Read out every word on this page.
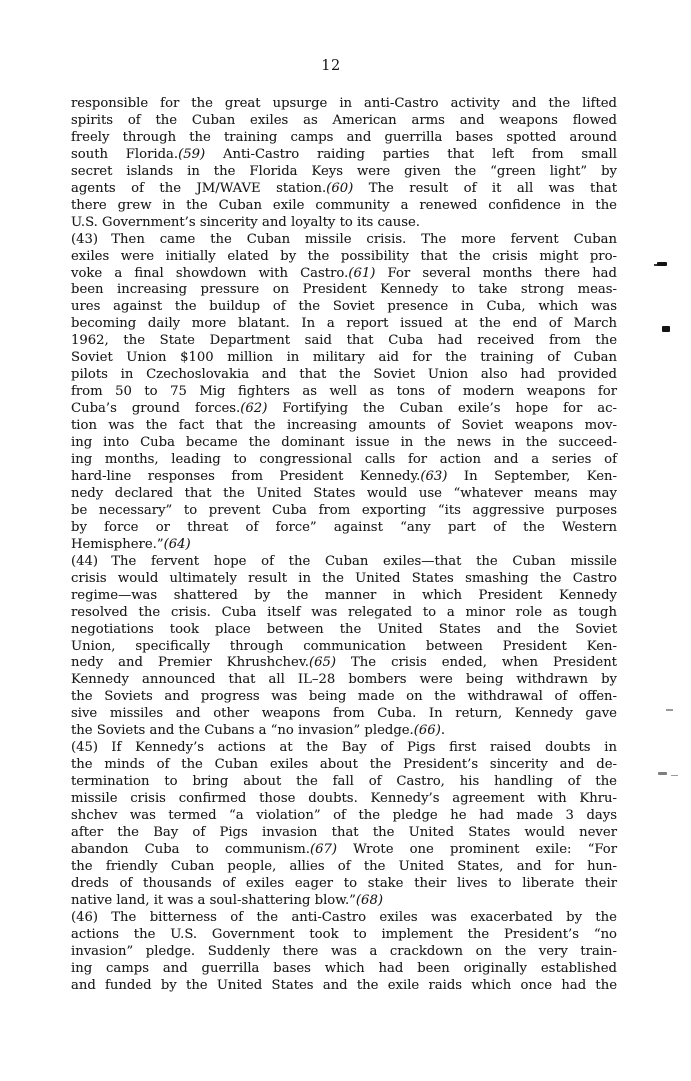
12

responsible for the great upsurge in anti-Castro activity and the lifted
spirits of the Cuban exiles as American arms and weapons flowed
freely through the training camps and guerrilla bases spotted around
south Florida.(59) Anti-Castro raiding parties that left from small
secret islands in the Florida Keys were given the “green light” by
agents of the JM/WAVE station.(60) The result of it all was that
there grew in the Cuban exile community a renewed confidence in the
U.S. Government’s sincerity and loyalty to its cause.

(43) Then came the Cuban missile crisis. The more fervent Cuban
exiles were initially elated by the possibility that the crisis might pro-
voke a final showdown with Castro.(61) For several months there had
been increasing pressure on President Kennedy to take strong meas-
ures against the buildup of the Soviet presence in Cuba, which was
becoming daily more blatant. In a report issued at the end of March
1962, the State Department said that Cuba had received from the
Soviet Union $100 million in military aid for the training of Cuban
pilots in Czechoslovakia and that the Soviet Union also had provided
from 50 to 75 Mig fighters as well as tons of modern weapons for
Cuba’s ground forces.(62) Fortifying the Cuban exile’s hope for ac-
tion was the fact that the increasing amounts of Soviet weapons mov-
ing into Cuba became the dominant issue in the news in the succeed-
ing months, leading to congressional calls for action and a series of
hard-line responses from President Kennedy.(63) In September, Ken-
nedy declared that the United States would use “whatever means may
be necessary” to prevent Cuba from exporting “its aggressive purposes
by force or threat of force” against “any part of the Western
Hemisphere.”(64)

(44) The fervent hope of the Cuban exiles—that the Cuban missile
crisis would ultimately result in the United States smashing the Castro
regime—was shattered by the manner in which President Kennedy
resolved the crisis. Cuba itself was relegated to a minor role as tough
negotiations took place between the United States and the Soviet
Union, specifically through communication between President Ken-
nedy and Premier Khrushchev.(65) The crisis ended, when President
Kennedy announced that all IL–28 bombers were being withdrawn by
the Soviets and progress was being made on the withdrawal of offen-
sive missiles and other weapons from Cuba. In return, Kennedy gave
the Soviets and the Cubans a “no invasion” pledge.(66).

(45) If Kennedy’s actions at the Bay of Pigs first raised doubts in
the minds of the Cuban exiles about the President’s sincerity and de-
termination to bring about the fall of Castro, his handling of the
missile crisis confirmed those doubts. Kennedy’s agreement with Khru-
shchev was termed “a violation” of the pledge he had made 3 days
after the Bay of Pigs invasion that the United States would never
abandon Cuba to communism.(67) Wrote one prominent exile: “For
the friendly Cuban people, allies of the United States, and for hun-
dreds of thousands of exiles eager to stake their lives to liberate their
native land, it was a soul-shattering blow.”(68)

(46) The bitterness of the anti-Castro exiles was exacerbated by the
actions the U.S. Government took to implement the President’s “no
invasion” pledge. Suddenly there was a crackdown on the very train-
ing camps and guerrilla bases which had been originally established
and funded by the United States and the exile raids which once had the
